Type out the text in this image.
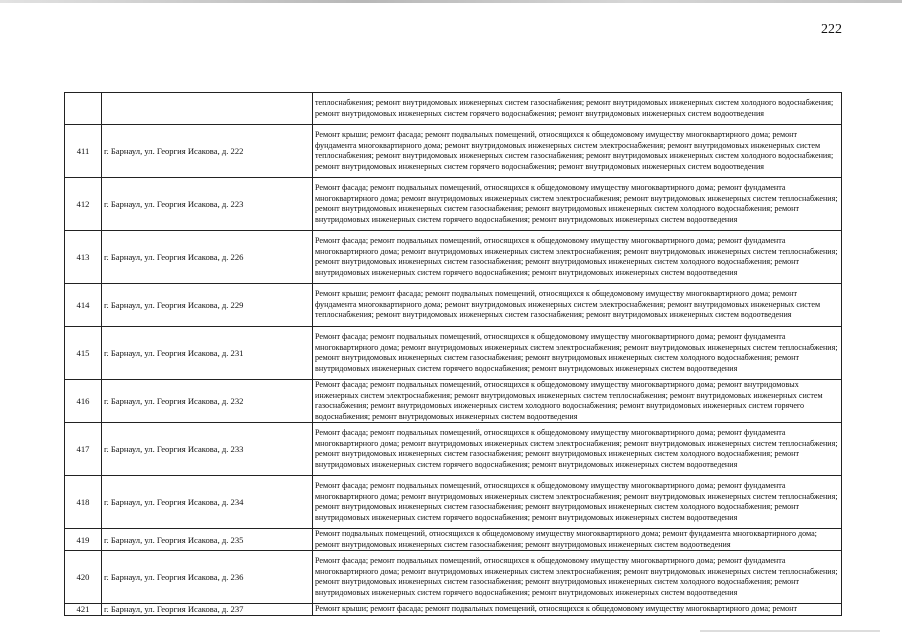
222
		теплоснабжения; ремонт внутридомовых инженерных систем газоснабжения; ремонт внутридомовых инженерных систем холодного водоснабжения; ремонт внутридомовых инженерных систем горячего водоснабжения; ремонт внутридомовых инженерных систем водоотведения
411	г. Барнаул, ул. Георгия Исакова, д. 222	Ремонт крыши; ремонт фасада; ремонт подвальных помещений, относящихся к общедомовому имуществу многоквартирного дома; ремонт фундамента многоквартирного дома; ремонт внутридомовых инженерных систем электроснабжения; ремонт внутридомовых инженерных систем теплоснабжения; ремонт внутридомовых инженерных систем газоснабжения; ремонт внутридомовых инженерных систем холодного водоснабжения; ремонт внутридомовых инженерных систем горячего водоснабжения; ремонт внутридомовых инженерных систем водоотведения
412	г. Барнаул, ул. Георгия Исакова, д. 223	Ремонт фасада; ремонт подвальных помещений, относящихся к общедомовому имуществу многоквартирного дома; ремонт фундамента многоквартирного дома; ремонт внутридомовых инженерных систем электроснабжения; ремонт внутридомовых инженерных систем теплоснабжения; ремонт внутридомовых инженерных систем газоснабжения; ремонт внутридомовых инженерных систем холодного водоснабжения; ремонт внутридомовых инженерных систем горячего водоснабжения; ремонт внутридомовых инженерных систем водоотведения
413	г. Барнаул, ул. Георгия Исакова, д. 226	Ремонт фасада; ремонт подвальных помещений, относящихся к общедомовому имуществу многоквартирного дома; ремонт фундамента многоквартирного дома; ремонт внутридомовых инженерных систем электроснабжения; ремонт внутридомовых инженерных систем теплоснабжения; ремонт внутридомовых инженерных систем газоснабжения; ремонт внутридомовых инженерных систем холодного водоснабжения; ремонт внутридомовых инженерных систем горячего водоснабжения; ремонт внутридомовых инженерных систем водоотведения
414	г. Барнаул, ул. Георгия Исакова, д. 229	Ремонт крыши; ремонт фасада; ремонт подвальных помещений, относящихся к общедомовому имуществу многоквартирного дома; ремонт фундамента многоквартирного дома; ремонт внутридомовых инженерных систем электроснабжения; ремонт внутридомовых инженерных систем теплоснабжения; ремонт внутридомовых инженерных систем газоснабжения; ремонт внутридомовых инженерных систем водоотведения
415	г. Барнаул, ул. Георгия Исакова, д. 231	Ремонт фасада; ремонт подвальных помещений, относящихся к общедомовому имуществу многоквартирного дома; ремонт фундамента многоквартирного дома; ремонт внутридомовых инженерных систем электроснабжения; ремонт внутридомовых инженерных систем теплоснабжения; ремонт внутридомовых инженерных систем газоснабжения; ремонт внутридомовых инженерных систем холодного водоснабжения; ремонт внутридомовых инженерных систем горячего водоснабжения; ремонт внутридомовых инженерных систем водоотведения
416	г. Барнаул, ул. Георгия Исакова, д. 232	Ремонт фасада; ремонт подвальных помещений, относящихся к общедомовому имуществу многоквартирного дома; ремонт внутридомовых инженерных систем электроснабжения; ремонт внутридомовых инженерных систем теплоснабжения; ремонт внутридомовых инженерных систем газоснабжения; ремонт внутридомовых инженерных систем холодного водоснабжения; ремонт внутридомовых инженерных систем горячего водоснабжения; ремонт внутридомовых инженерных систем водоотведения
417	г. Барнаул, ул. Георгия Исакова, д. 233	Ремонт фасада; ремонт подвальных помещений, относящихся к общедомовому имуществу многоквартирного дома; ремонт фундамента многоквартирного дома; ремонт внутридомовых инженерных систем электроснабжения; ремонт внутридомовых инженерных систем теплоснабжения; ремонт внутридомовых инженерных систем газоснабжения; ремонт внутридомовых инженерных систем холодного водоснабжения; ремонт внутридомовых инженерных систем горячего водоснабжения; ремонт внутридомовых инженерных систем водоотведения
418	г. Барнаул, ул. Георгия Исакова, д. 234	Ремонт фасада; ремонт подвальных помещений, относящихся к общедомовому имуществу многоквартирного дома; ремонт фундамента многоквартирного дома; ремонт внутридомовых инженерных систем электроснабжения; ремонт внутридомовых инженерных систем теплоснабжения; ремонт внутридомовых инженерных систем газоснабжения; ремонт внутридомовых инженерных систем холодного водоснабжения; ремонт внутридомовых инженерных систем горячего водоснабжения; ремонт внутридомовых инженерных систем водоотведения
419	г. Барнаул, ул. Георгия Исакова, д. 235	Ремонт подвальных помещений, относящихся к общедомовому имуществу многоквартирного дома; ремонт фундамента многоквартирного дома; ремонт внутридомовых инженерных систем газоснабжения; ремонт внутридомовых инженерных систем водоотведения
420	г. Барнаул, ул. Георгия Исакова, д. 236	Ремонт фасада; ремонт подвальных помещений, относящихся к общедомовому имуществу многоквартирного дома; ремонт фундамента многоквартирного дома; ремонт внутридомовых инженерных систем электроснабжения; ремонт внутридомовых инженерных систем теплоснабжения; ремонт внутридомовых инженерных систем газоснабжения; ремонт внутридомовых инженерных систем холодного водоснабжения; ремонт внутридомовых инженерных систем горячего водоснабжения; ремонт внутридомовых инженерных систем водоотведения
421	г. Барнаул, ул. Георгия Исакова, д. 237	Ремонт крыши; ремонт фасада; ремонт подвальных помещений, относящихся к общедомовому имуществу многоквартирного дома; ремонт
